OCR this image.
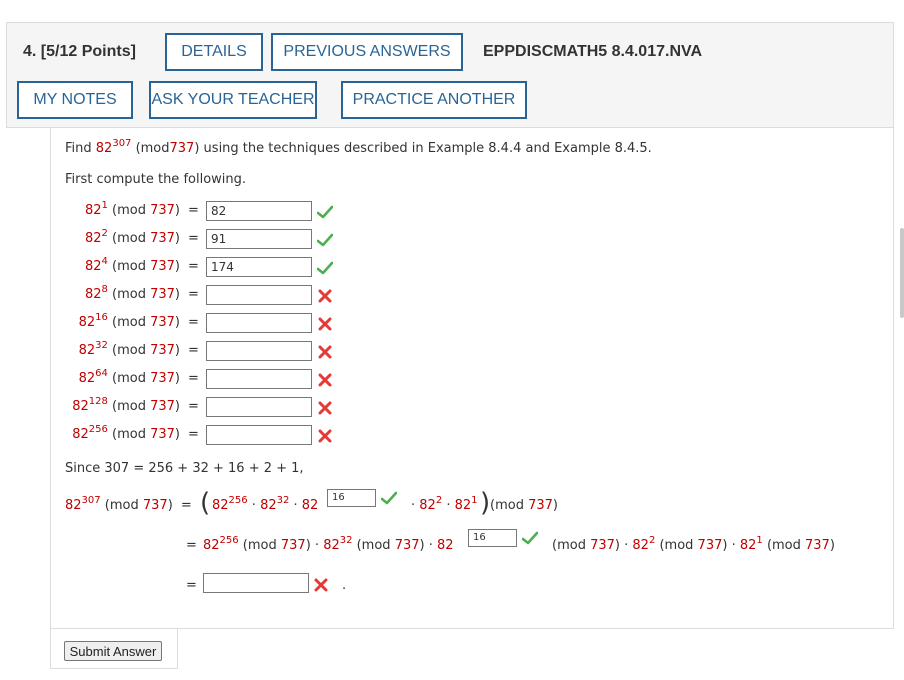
4. [5/12 Points]	DETAILS	PREVIOUS ANSWERS	EPPDISCMATH5 8.4.017.NVA
MY NOTES	ASK YOUR TEACHER	PRACTICE ANOTHER
Find $82^{307}$ (mod737) using the techniques described in Example 8.4.4 and Example 8.4.5.
First compute the following.
$82^1$ (mod 737) =	82
$82^2$ (mod 737) =	91
$82^4$ (mod 737) =	174
$82^8$ (mod 737) =
$82^{16}$ (mod 737) =
$82^{32}$ (mod 737) =
$82^{64}$ (mod 737) =
$82^{128}$ (mod 737) =
$82^{256}$ (mod 737) =
Since 307 = 256 + 32 + 16 + 2 + 1,
$82^{307}$ (mod 737) = ( $82^{256} \cdot 82^{32} \cdot 82$
16
· $82^2 \cdot 82^1$ ) (mod 737)
= $82^{256}$ (mod $737) \cdot 82^{32}$ (mod 737) · 82
16
(mod $737) \cdot 82^2$ (mod $737) \cdot 82^1$ (mod 737)
=	.
Submit Answer
